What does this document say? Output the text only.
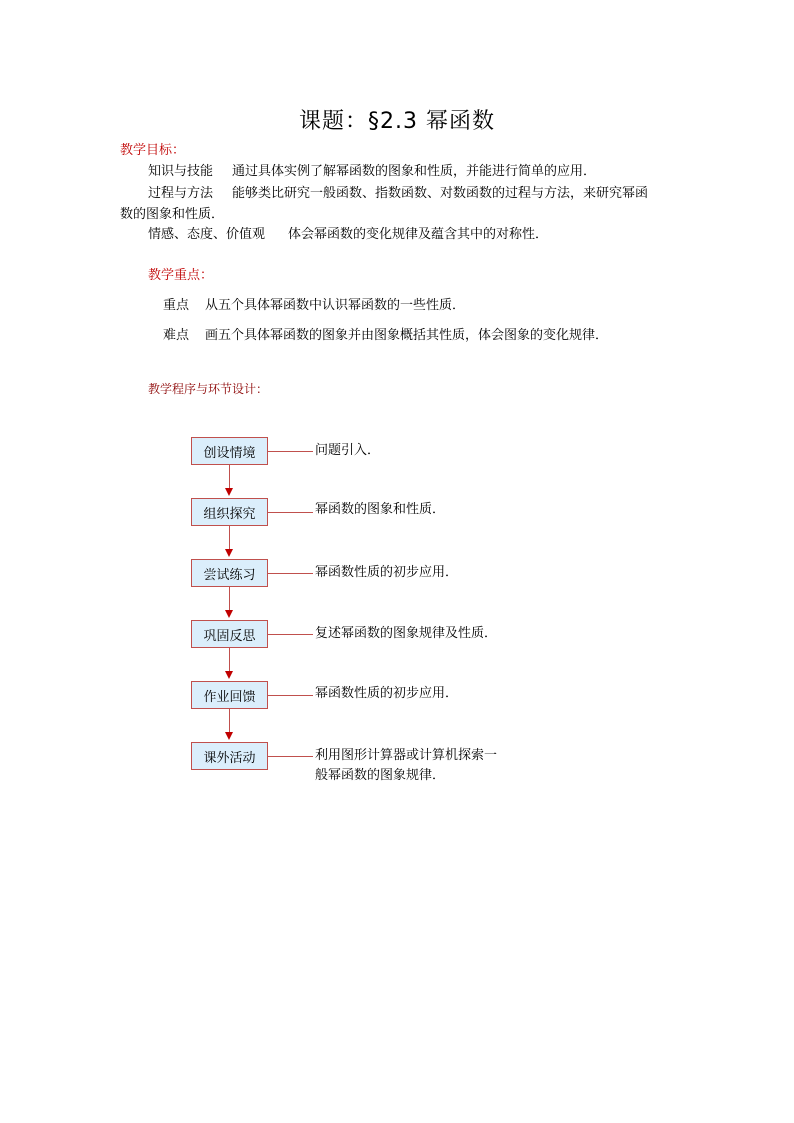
课题：§2.3 幂函数
教学目标：
知识与技能 通过具体实例了解幂函数的图象和性质，并能进行简单的应用．
过程与方法 能够类比研究一般函数、指数函数、对数函数的过程与方法，来研究幂函
数的图象和性质．
情感、态度、价值观 体会幂函数的变化规律及蕴含其中的对称性．
教学重点：
重点 从五个具体幂函数中认识幂函数的一些性质．
难点 画五个具体幂函数的图象并由图象概括其性质，体会图象的变化规律．
教学程序与环节设计：
创设情境	问题引入．
组织探究	幂函数的图象和性质．
尝试练习	幂函数性质的初步应用．
巩固反思	复述幂函数的图象规律及性质．
作业回馈	幂函数性质的初步应用．
课外活动	利用图形计算器或计算机探索一
般幂函数的图象规律．
